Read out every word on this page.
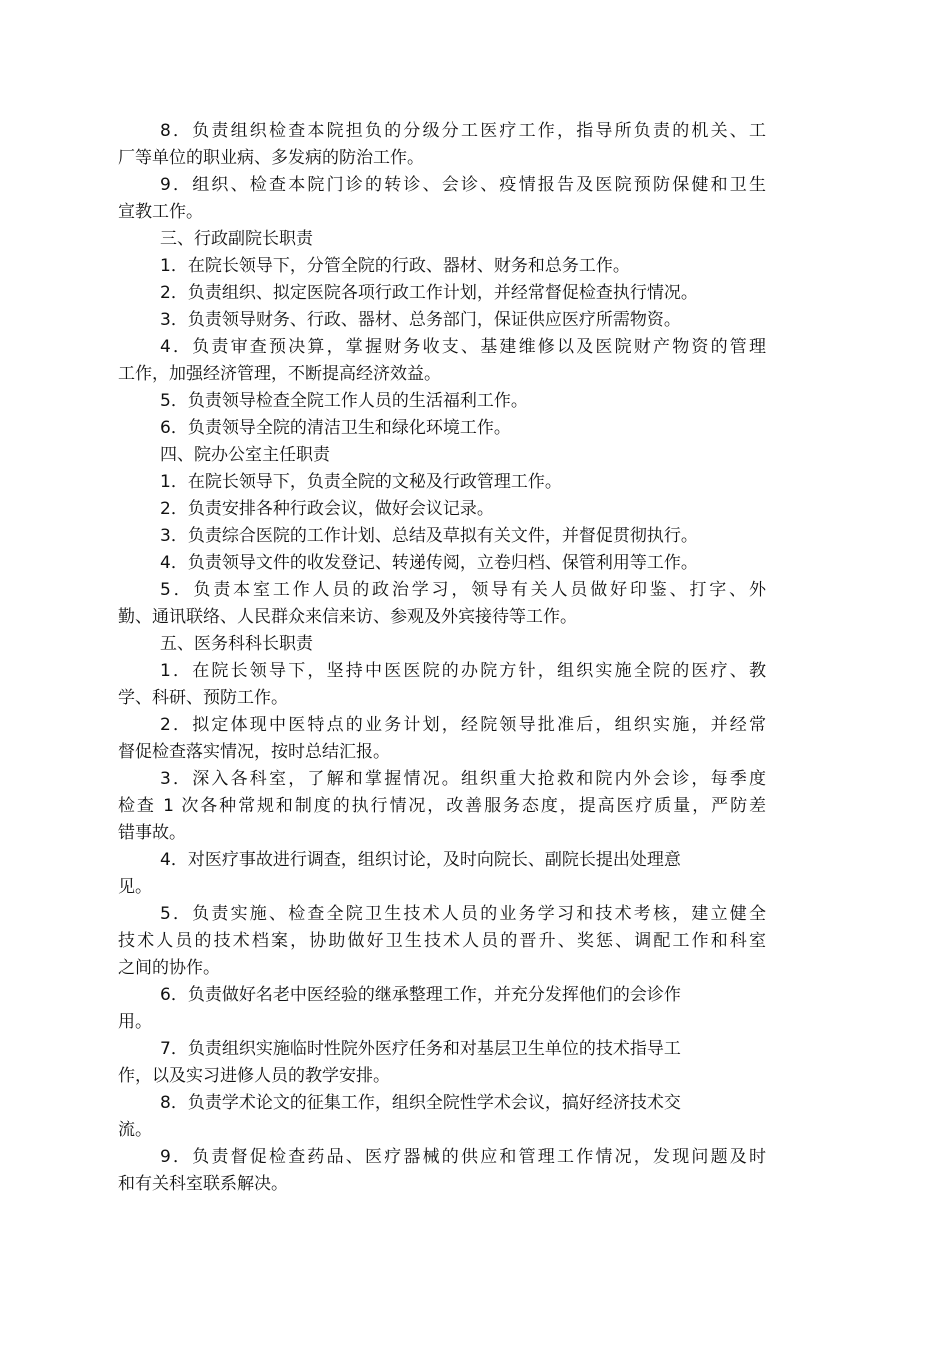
8．负责组织检查本院担负的分级分工医疗工作，指导所负责的机关、工
厂等单位的职业病、多发病的防治工作。
9．组织、检查本院门诊的转诊、会诊、疫情报告及医院预防保健和卫生
宣教工作。
三、行政副院长职责
1．在院长领导下，分管全院的行政、器材、财务和总务工作。
2．负责组织、拟定医院各项行政工作计划，并经常督促检查执行情况。
3．负责领导财务、行政、器材、总务部门，保证供应医疗所需物资。
4．负责审查预决算，掌握财务收支、基建维修以及医院财产物资的管理
工作，加强经济管理，不断提高经济效益。
5．负责领导检查全院工作人员的生活福利工作。
6．负责领导全院的清洁卫生和绿化环境工作。
四、院办公室主任职责
1．在院长领导下，负责全院的文秘及行政管理工作。
2．负责安排各种行政会议，做好会议记录。
3．负责综合医院的工作计划、总结及草拟有关文件，并督促贯彻执行。
4．负责领导文件的收发登记、转递传阅，立卷归档、保管利用等工作。
5．负责本室工作人员的政治学习，领导有关人员做好印鉴、打字、外
勤、通讯联络、人民群众来信来访、参观及外宾接待等工作。
五、医务科科长职责
1．在院长领导下，坚持中医医院的办院方针，组织实施全院的医疗、教
学、科研、预防工作。
2．拟定体现中医特点的业务计划，经院领导批准后，组织实施，并经常
督促检查落实情况，按时总结汇报。
3．深入各科室，了解和掌握情况。组织重大抢救和院内外会诊，每季度
检查 1 次各种常规和制度的执行情况，改善服务态度，提高医疗质量，严防差
错事故。
4．对医疗事故进行调查，组织讨论，及时向院长、副院长提出处理意
见。
5．负责实施、检查全院卫生技术人员的业务学习和技术考核，建立健全
技术人员的技术档案，协助做好卫生技术人员的晋升、奖惩、调配工作和科室
之间的协作。
6．负责做好名老中医经验的继承整理工作，并充分发挥他们的会诊作
用。
7．负责组织实施临时性院外医疗任务和对基层卫生单位的技术指导工
作，以及实习进修人员的教学安排。
8．负责学术论文的征集工作，组织全院性学术会议，搞好经济技术交
流。
9．负责督促检查药品、医疗器械的供应和管理工作情况，发现问题及时
和有关科室联系解决。
